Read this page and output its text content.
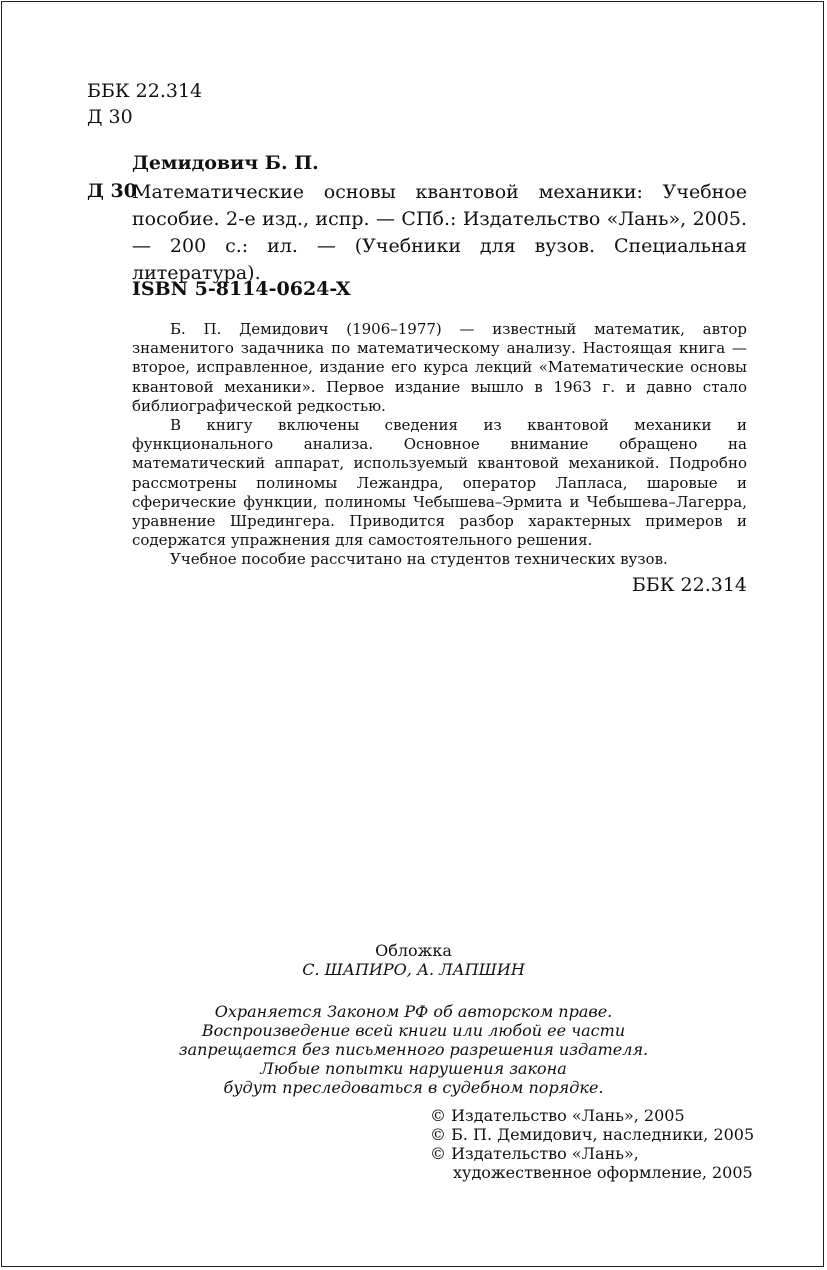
ББК 22.314
Д 30
Демидович Б. П.
Д 30
Математические основы квантовой механики: Учебное пособие. 2-е изд., испр. — СПб.: Издательство «Лань», 2005. — 200 с.: ил. — (Учебники для вузов. Специальная литература).
ISBN 5-8114-0624-X

Б. П. Демидович (1906–1977) — известный математик, автор знаменитого задачника по математическому анализу. Настоящая книга — второе, исправленное, издание его курса лекций «Математические основы квантовой механики». Первое издание вышло в 1963 г. и давно стало библиографической редкостью.

В книгу включены сведения из квантовой механики и функционального анализа. Основное внимание обращено на математический аппарат, используемый квантовой механикой. Подробно рассмотрены полиномы Лежандра, оператор Лапласа, шаровые и сферические функции, полиномы Чебышева–Эрмита и Чебышева–Лагерра, уравнение Шредингера. Приводится разбор характерных примеров и содержатся упражнения для самостоятельного решения.

Учебное пособие рассчитано на студентов технических вузов.

ББК 22.314
Обложка
С. ШАПИРО, А. ЛАПШИН
Охраняется Законом РФ об авторском праве.
Воспроизведение всей книги или любой ее части
запрещается без письменного разрешения издателя.
Любые попытки нарушения закона
будут преследоваться в судебном порядке.
© Издательство «Лань», 2005
© Б. П. Демидович, наследники, 2005
© Издательство «Лань»,
художественное оформление, 2005
